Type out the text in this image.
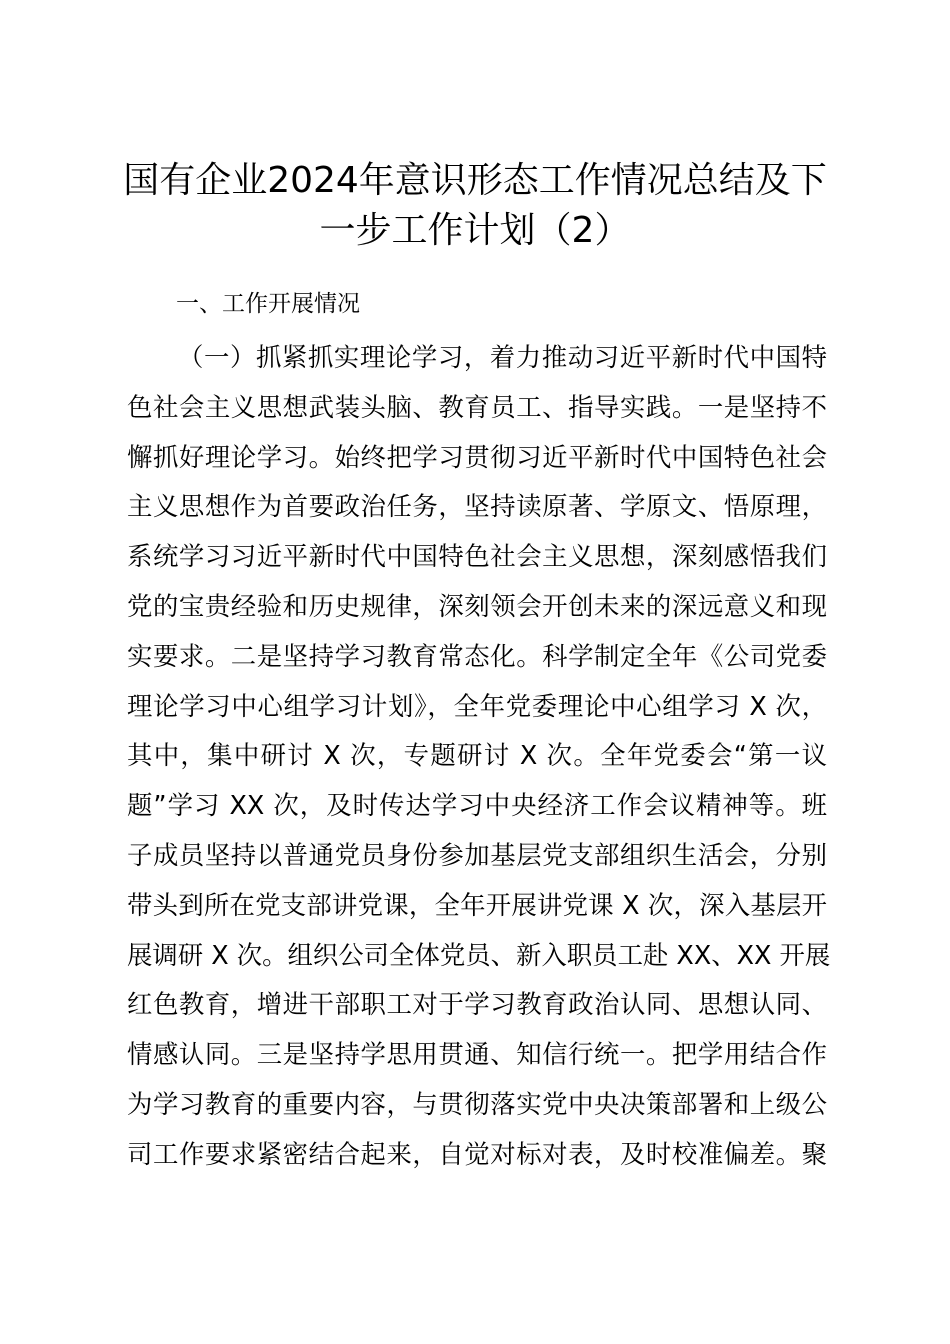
国有企业2024年意识形态工作情况总结及下
一步工作计划（2）
一、工作开展情况
（一）抓紧抓实理论学习，着力推动习近平新时代中国特
色社会主义思想武装头脑、教育员工、指导实践。一是坚持不
懈抓好理论学习。始终把学习贯彻习近平新时代中国特色社会
主义思想作为首要政治任务，坚持读原著、学原文、悟原理，
系统学习习近平新时代中国特色社会主义思想，深刻感悟我们
党的宝贵经验和历史规律，深刻领会开创未来的深远意义和现
实要求。二是坚持学习教育常态化。科学制定全年《公司党委
理论学习中心组学习计划》，全年党委理论中心组学习 X 次，
其中，集中研讨 X 次，专题研讨 X 次。全年党委会“第一议
题”学习 XX 次，及时传达学习中央经济工作会议精神等。班
子成员坚持以普通党员身份参加基层党支部组织生活会，分别
带头到所在党支部讲党课，全年开展讲党课 X 次，深入基层开
展调研 X 次。组织公司全体党员、新入职员工赴 XX、XX 开展
红色教育，增进干部职工对于学习教育政治认同、思想认同、
情感认同。三是坚持学思用贯通、知信行统一。把学用结合作
为学习教育的重要内容，与贯彻落实党中央决策部署和上级公
司工作要求紧密结合起来，自觉对标对表，及时校准偏差。聚
